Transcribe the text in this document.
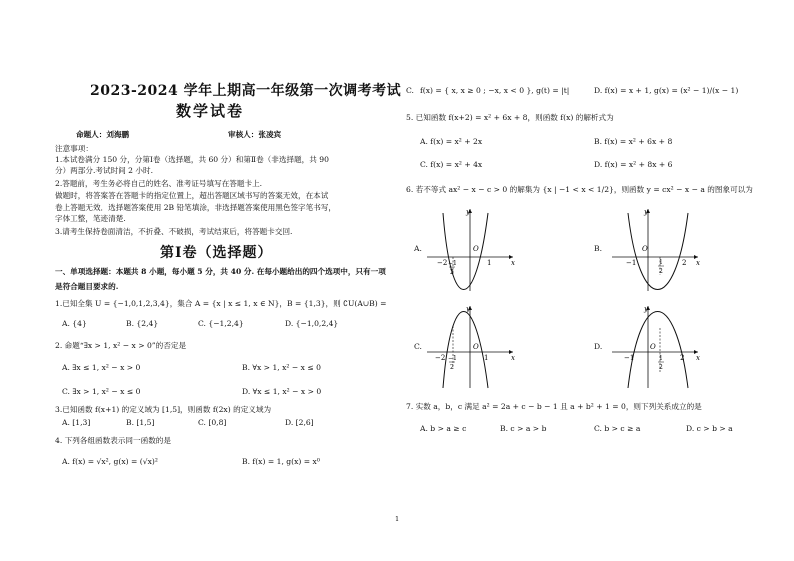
2023-2024 学年上期高一年级第一次调考考试
数学试卷
命题人：刘海鹏	审核人：张凌宾
注意事项：
1.本试卷满分 150 分，分第Ⅰ卷（选择题，共 60 分）和第Ⅱ卷（非选择题，共 90
分）两部分.考试时间 2 小时.
2.答题前，考生务必将自己的姓名、准考证号填写在答题卡上.
做题时，将答案答在答题卡的指定位置上，超出答题区域书写的答案无效，在本试
卷上答题无效．选择题答案使用 2B 铅笔填涂，非选择题答案使用黑色签字笔书写，
字体工整，笔迹清楚.
3.请考生保持卷面清洁，不折叠、不破损，考试结束后，将答题卡交回.
第Ⅰ卷（选择题）
一、单项选择题：本题共 8 小题，每小题 5 分，共 40 分. 在每小题给出的四个选项中，只有一项
是符合题目要求的.
1.已知全集 U = {−1,0,1,2,3,4}，集合 A = {x | x ≤ 1, x ∈ N}，B = {1,3}，则 ∁U(A∪B) =
A. {4}	B. {2,4}	C. {−1,2,4}	D. {−1,0,2,4}
2. 命题“∃x > 1, x² − x > 0”的否定是
A. ∃x ≤ 1, x² − x > 0	B. ∀x > 1, x² − x ≤ 0
C. ∃x > 1, x² − x ≤ 0	D. ∀x ≤ 1, x² − x > 0
3.已知函数 f(x+1) 的定义域为 [1,5]，则函数 f(2x) 的定义域为
A. [1,3]	B. [1,5]	C. [0,8]	D. [2,6]
4. 下列各组函数表示同一函数的是
A. f(x) = √x², g(x) = (√x)²	B. f(x) = 1, g(x) = x⁰
C. f(x) = { x, x ≥ 0 ; −x, x < 0 }, g(t) = |t|	D. f(x) = x + 1, g(x) = (x² − 1)/(x − 1)
5. 已知函数 f(x+2) = x² + 6x + 8，则函数 f(x) 的解析式为
A. f(x) = x² + 2x	B. f(x) = x² + 6x + 8
C. f(x) = x² + 4x	D. f(x) = x² + 8x + 6
6. 若不等式 ax² − x − c > 0 的解集为 {x | −1 < x < 1/2}，则函数 y = cx² − x − a 的图象可以为
A.	B.
C.	D.
y
x
O
−2 −1
2
1
y
x
O
−1	1
2
2
y
x
O
−2 −1
2
1
y
x
O
−1	1
2
2
7. 实数 a，b，c 满足 a² = 2a + c − b − 1 且 a + b² + 1 = 0，则下列关系成立的是
A. b > a ≥ c	B. c > a > b	C. b > c ≥ a	D. c > b > a
1
